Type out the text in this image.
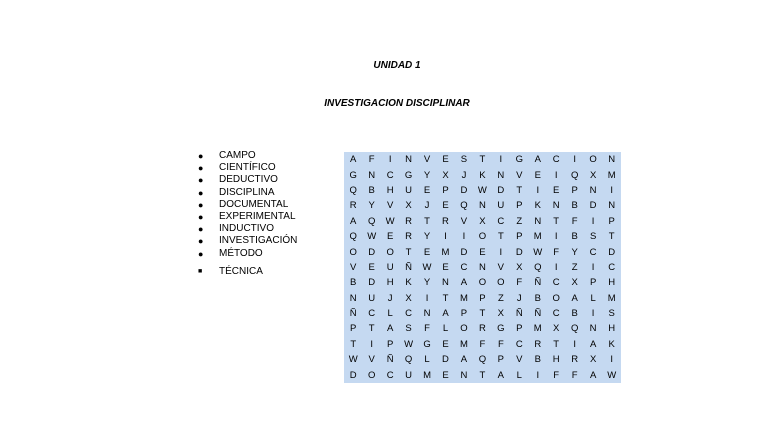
UNIDAD 1
INVESTIGACION DISCIPLINAR
●	CAMPO
●	CIENTÍFICO
●	DEDUCTIVO
●	DISCIPLINA
●	DOCUMENTAL
●	EXPERIMENTAL
●	INDUCTIVO
●	INVESTIGACIÓN
●	MÉTODO
■	TÉCNICA
A	F	I	N	V	E	S	T	I	G	A	C	I	O	N
G	N	C	G	Y	X	J	K	N	V	E	I	Q	X	M
Q	B	H	U	E	P	D	W	D	T	I	E	P	N	I
R	Y	V	X	J	E	Q	N	U	P	K	N	B	D	N
A	Q	W	R	T	R	V	X	C	Z	N	T	F	I	P
Q	W	E	R	Y	I	I	O	T	P	M	I	B	S	T
O	D	O	T	E	M	D	E	I	D	W	F	Y	C	D
V	E	U	Ñ	W	E	C	N	V	X	Q	I	Z	I	C
B	D	H	K	Y	N	A	O	O	F	Ñ	C	X	P	H
N	U	J	X	I	T	M	P	Z	J	B	O	A	L	M
Ñ	C	L	C	N	A	P	T	X	Ñ	Ñ	C	B	I	S
P	T	A	S	F	L	O	R	G	P	M	X	Q	N	H
T	I	P	W	G	E	M	F	F	C	R	T	I	A	K
W	V	Ñ	Q	L	D	A	Q	P	V	B	H	R	X	I
D	O	C	U	M	E	N	T	A	L	I	F	F	A	W
